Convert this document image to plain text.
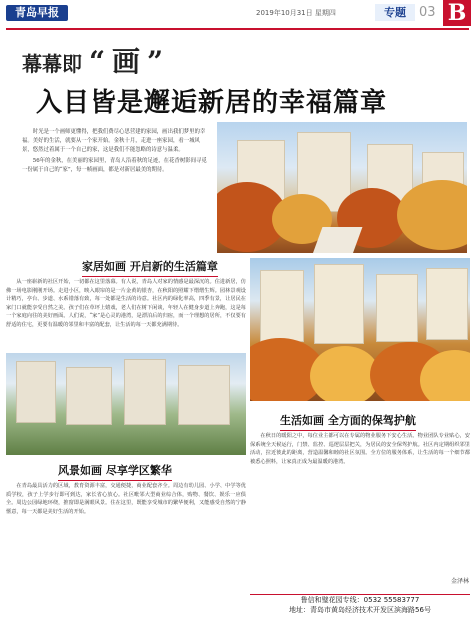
青岛早报	2019年10月31日 星期四	专题	03 B
幕幕即 “ 画 ”
入目皆是邂逅新居的幸福篇章

时光是一个画师更懂得，把我们费尽心思营建的家园，画出我们梦里的幸福。美好的生活，就要从一个家开始。金秋十月，走进一座家园，看一城风景，悠然过着属于一个自己的家，这是我们不能忽略的诗意与温柔。

56年的金秋，在美丽的家园里，青岛人沿着秋的足迹，在花香树影间寻觅一份属于自己的“家”，每一帧画面，都是对新居最美的期待。

家居如画 开启新的生活篇章

从一座崭新的社区开始，一切都在这里落幕。有人说，青岛人对家的情感是最深沉的。住进新居，仿佛一场电影刚刚开场。走进小区，映入眼帘的是一片金黄的银杏，在秋阳的照耀下熠熠生辉。园林景观设计精巧，亭台、步道、水系错落有致，每一处都是生活的诗意。社区内的绿化率高，四季有景，让居民在家门口就能享受自然之美。孩子们在草坪上嬉戏，老人们在树下闲谈，年轻人在健身步道上奔跑，这是每一个家庭向往的美好画面。人们说，“家”是心灵的港湾，是漂泊后的归宿，而一个理想的居所，不仅要有舒适的住宅，更要有温暖的邻里和丰富的配套，让生活的每一天都充满期待。

风景如画 尽享学区繁华

在青岛最具活力的区域，教育资源丰富，交通便捷，商业配套齐全。周边有幼儿园、小学、中学等优质学校，孩子上学步行即可到达，家长省心放心。社区毗邻大型商业综合体，购物、餐饮、娱乐一应俱全。周边公园绿地环绕，推窗即是满眼风景。住在这里，既能享受城市的繁华便利，又能感受自然的宁静惬意，每一天都是美好生活的开始。

生活如画 全方面的保驾护航

在秋日的暖阳之中，每位业主都可以在专属的物业服务下安心生活。物业团队专业贴心，安保系统全天候运行，门禁、监控、巡逻层层把关，为居民的安全保驾护航。社区内定期组织邻里活动，拉近彼此的距离，营造温馨和睦的社区氛围。全方位的服务体系，让生活的每一个细节都被悉心照料，让家真正成为最温暖的港湾。

金泽林
鲁信和璧花园专线：0532 55583777
地址：青岛市黄岛经济技术开发区滨海路56号
